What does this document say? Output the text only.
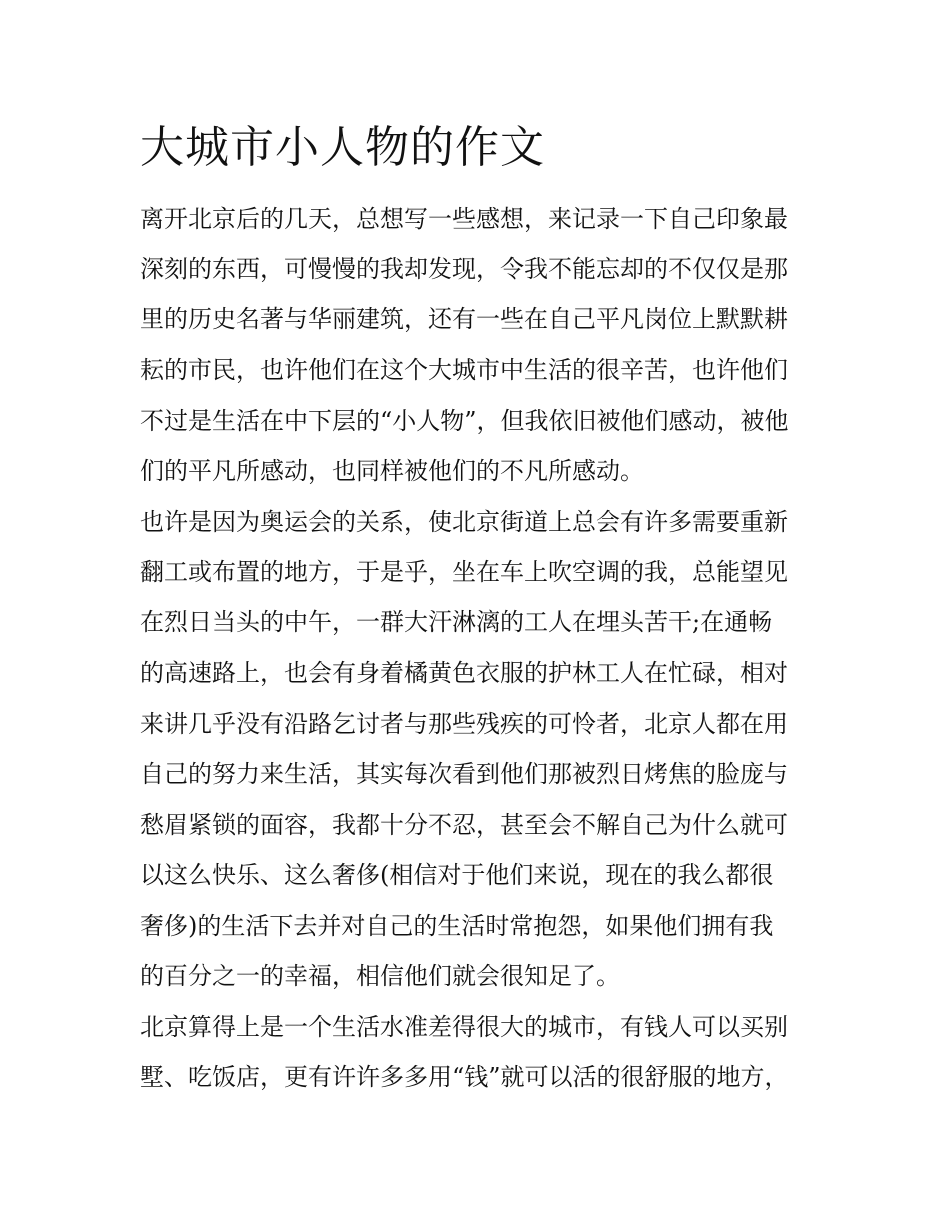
大城市小人物的作文

离开北京后的几天，总想写一些感想，来记录一下自己印象最

深刻的东西，可慢慢的我却发现，令我不能忘却的不仅仅是那

里的历史名著与华丽建筑，还有一些在自己平凡岗位上默默耕

耘的市民，也许他们在这个大城市中生活的很辛苦，也许他们

不过是生活在中下层的“小人物”，但我依旧被他们感动，被他

们的平凡所感动，也同样被他们的不凡所感动。

也许是因为奥运会的关系，使北京街道上总会有许多需要重新

翻工或布置的地方，于是乎，坐在车上吹空调的我，总能望见

在烈日当头的中午，一群大汗淋漓的工人在埋头苦干;在通畅

的高速路上，也会有身着橘黄色衣服的护林工人在忙碌，相对

来讲几乎没有沿路乞讨者与那些残疾的可怜者，北京人都在用

自己的努力来生活，其实每次看到他们那被烈日烤焦的脸庞与

愁眉紧锁的面容，我都十分不忍，甚至会不解自己为什么就可

以这么快乐、这么奢侈(相信对于他们来说，现在的我么都很

奢侈)的生活下去并对自己的生活时常抱怨，如果他们拥有我

的百分之一的幸福，相信他们就会很知足了。

北京算得上是一个生活水准差得很大的城市，有钱人可以买别

墅、吃饭店，更有许许多多用“钱”就可以活的很舒服的地方，
